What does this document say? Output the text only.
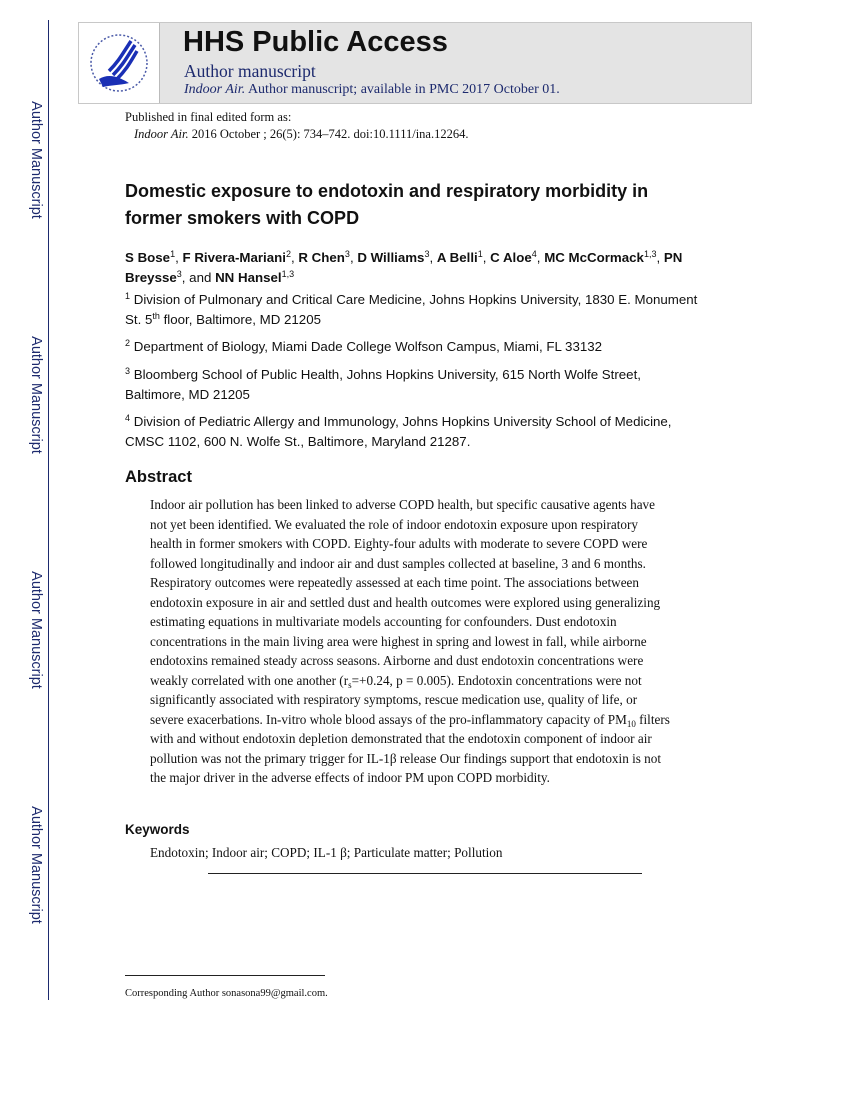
Author Manuscript
Author Manuscript
Author Manuscript
Author Manuscript
HHS Public Access
Author manuscript
Indoor Air. Author manuscript; available in PMC 2017 October 01.
Published in final edited form as:
Indoor Air. 2016 October ; 26(5): 734–742. doi:10.1111/ina.12264.
Domestic exposure to endotoxin and respiratory morbidity in
former smokers with COPD
S Bose$^1$, F Rivera-Mariani$^2$, R Chen$^3$, D Williams$^3$, A Belli$^1$, C Aloe$^4$, MC McCormack$^{1,3}$, PN Breysse$^3$, and NN Hansel$^{1,3}$
$^1$ Division of Pulmonary and Critical Care Medicine, Johns Hopkins University, 1830 E. Monument
St. 5th floor, Baltimore, MD 21205
$^2$ Department of Biology, Miami Dade College Wolfson Campus, Miami, FL 33132
$^3$ Bloomberg School of Public Health, Johns Hopkins University, 615 North Wolfe Street,
Baltimore, MD 21205
$^4$ Division of Pediatric Allergy and Immunology, Johns Hopkins University School of Medicine,
CMSC 1102, 600 N. Wolfe St., Baltimore, Maryland 21287.
Abstract
Indoor air pollution has been linked to adverse COPD health, but specific causative agents have
not yet been identified. We evaluated the role of indoor endotoxin exposure upon respiratory
health in former smokers with COPD. Eighty-four adults with moderate to severe COPD were
followed longitudinally and indoor air and dust samples collected at baseline, 3 and 6 months.
Respiratory outcomes were repeatedly assessed at each time point. The associations between
endotoxin exposure in air and settled dust and health outcomes were explored using generalizing
estimating equations in multivariate models accounting for confounders. Dust endotoxin
concentrations in the main living area were highest in spring and lowest in fall, while airborne
endotoxins remained steady across seasons. Airborne and dust endotoxin concentrations were
weakly correlated with one another ($r_s=+0.24$, p = 0.005). Endotoxin concentrations were not
significantly associated with respiratory symptoms, rescue medication use, quality of life, or
severe exacerbations. In-vitro whole blood assays of the pro-inflammatory capacity of $PM_{10}$ filters
with and without endotoxin depletion demonstrated that the endotoxin component of indoor air
pollution was not the primary trigger for IL-1β release Our findings support that endotoxin is not
the major driver in the adverse effects of indoor PM upon COPD morbidity.
Keywords
Endotoxin; Indoor air; COPD; IL-1 β; Particulate matter; Pollution
Corresponding Author sonasona99@gmail.com.
